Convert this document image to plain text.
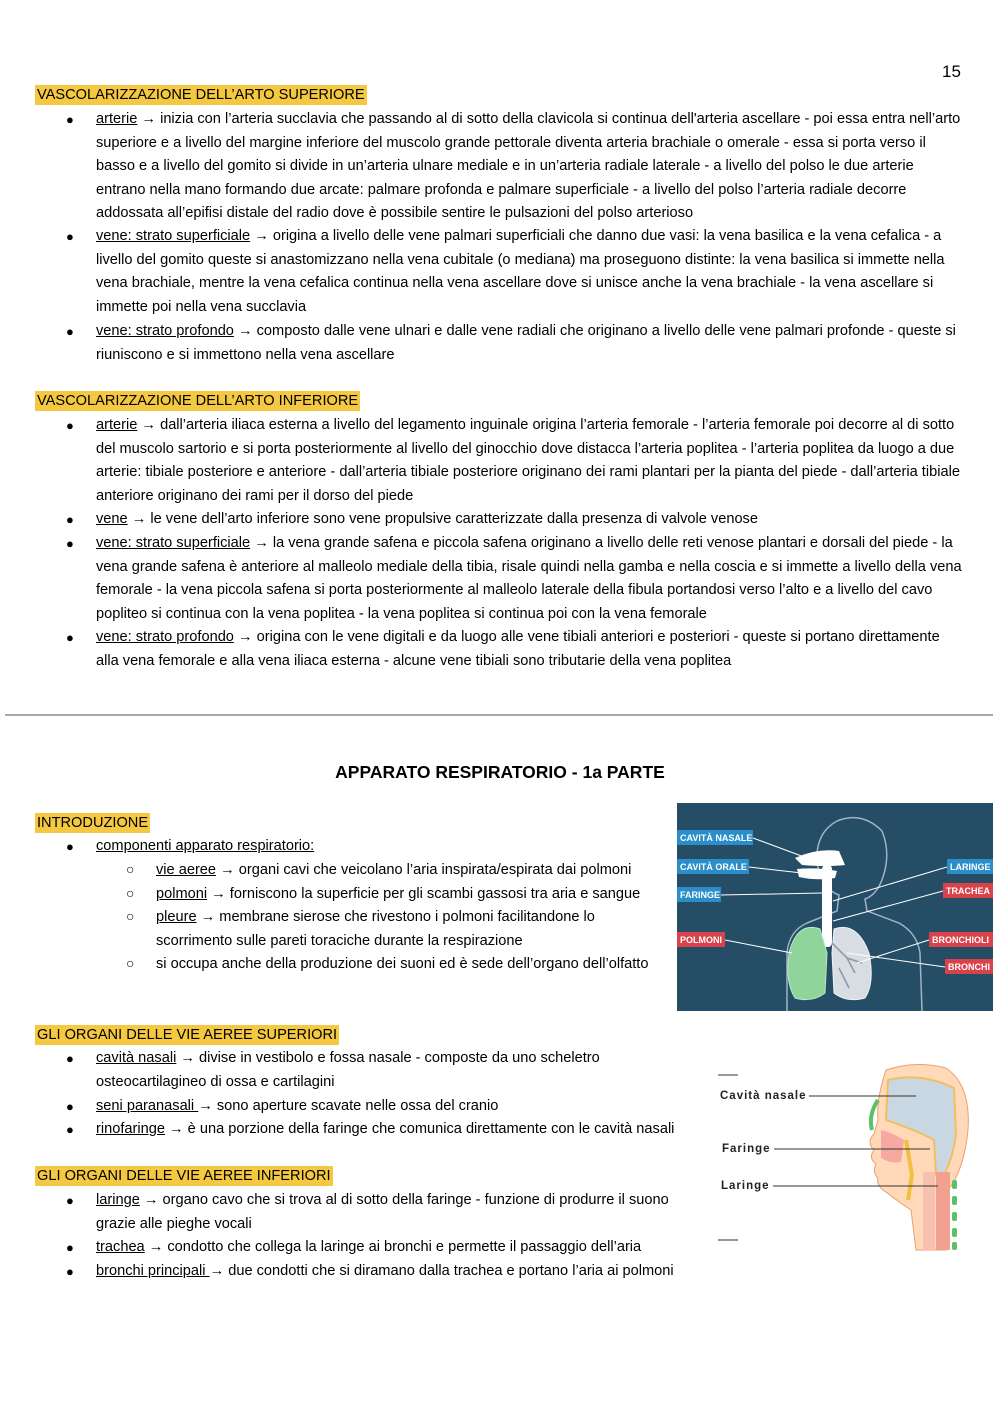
15
VASCOLARIZZAZIONE DELL’ARTO SUPERIORE
● arterie → inizia con l’arteria succlavia che passando al di sotto della clavicola si continua dell'arteria ascellare - poi essa entra nell’arto superiore e a livello del margine inferiore del muscolo grande pettorale diventa arteria brachiale o omerale - essa si porta verso il basso e a livello del gomito si divide in un’arteria ulnare mediale e in un’arteria radiale laterale - a livello del polso le due arterie entrano nella mano formando due arcate: palmare profonda e palmare superficiale - a livello del polso l’arteria radiale decorre addossata all’epifisi distale del radio dove è possibile sentire le pulsazioni del polso arterioso
● vene: strato superficiale → origina a livello delle vene palmari superficiali che danno due vasi: la vena basilica e la vena cefalica - a livello del gomito queste si anastomizzano nella vena cubitale (o mediana) ma proseguono distinte: la vena basilica si immette nella vena brachiale, mentre la vena cefalica continua nella vena ascellare dove si unisce anche la vena brachiale - la vena ascellare si immette poi nella vena succlavia
● vene: strato profondo → composto dalle vene ulnari e dalle vene radiali che originano a livello delle vene palmari profonde - queste si riuniscono e si immettono nella vena ascellare
VASCOLARIZZAZIONE DELL’ARTO INFERIORE
● arterie → dall’arteria iliaca esterna a livello del legamento inguinale origina l’arteria femorale - l’arteria femorale poi decorre al di sotto del muscolo sartorio e si porta posteriormente al livello del ginocchio dove distacca l’arteria poplitea - l’arteria poplitea da luogo a due arterie: tibiale posteriore e anteriore - dall’arteria tibiale posteriore originano dei rami plantari per la pianta del piede - dall’arteria tibiale anteriore originano dei rami per il dorso del piede
● vene → le vene dell’arto inferiore sono vene propulsive caratterizzate dalla presenza di valvole venose
● vene: strato superficiale → la vena grande safena e piccola safena originano a livello delle reti venose plantari e dorsali del piede - la vena grande safena è anteriore al malleolo mediale della tibia, risale quindi nella gamba e nella coscia e si immette a livello della vena femorale - la vena piccola safena si porta posteriormente al malleolo laterale della fibula portandosi verso l’alto e a livello del cavo popliteo si continua con la vena poplitea - la vena poplitea si continua poi con la vena femorale
● vene: strato profondo → origina con le vene digitali e da luogo alle vene tibiali anteriori e posteriori - queste si portano direttamente alla vena femorale e alla vena iliaca esterna - alcune vene tibiali sono tributarie della vena poplitea
APPARATO RESPIRATORIO - 1a PARTE
INTRODUZIONE
● componenti apparato respiratorio:
○ vie aeree → organi cavi che veicolano l’aria inspirata/espirata dai polmoni
○ polmoni → forniscono la superficie per gli scambi gassosi tra aria e sangue
○ pleure → membrane sierose che rivestono i polmoni facilitandone lo scorrimento sulle pareti toraciche durante la respirazione
○ si occupa anche della produzione dei suoni ed è sede dell’organo dell’olfatto
CAVITÀ NASALE
CAVITÀ ORALE
FARINGE
POLMONI
LARINGE
TRACHEA
BRONCHIOLI
BRONCHI
GLI ORGANI DELLE VIE AEREE SUPERIORI
● cavità nasali → divise in vestibolo e fossa nasale - composte da uno scheletro osteocartilagineo di ossa e cartilagini
● seni paranasali → sono aperture scavate nelle ossa del cranio
● rinofaringe → è una porzione della faringe che comunica direttamente con le cavità nasali
GLI ORGANI DELLE VIE AEREE INFERIORI
● laringe → organo cavo che si trova al di sotto della faringe - funzione di produrre il suono grazie alle pieghe vocali
● trachea → condotto che collega la laringe ai bronchi e permette il passaggio dell’aria
● bronchi principali → due condotti che si diramano dalla trachea e portano l’aria ai polmoni
Cavità nasale
Faringe
Laringe
